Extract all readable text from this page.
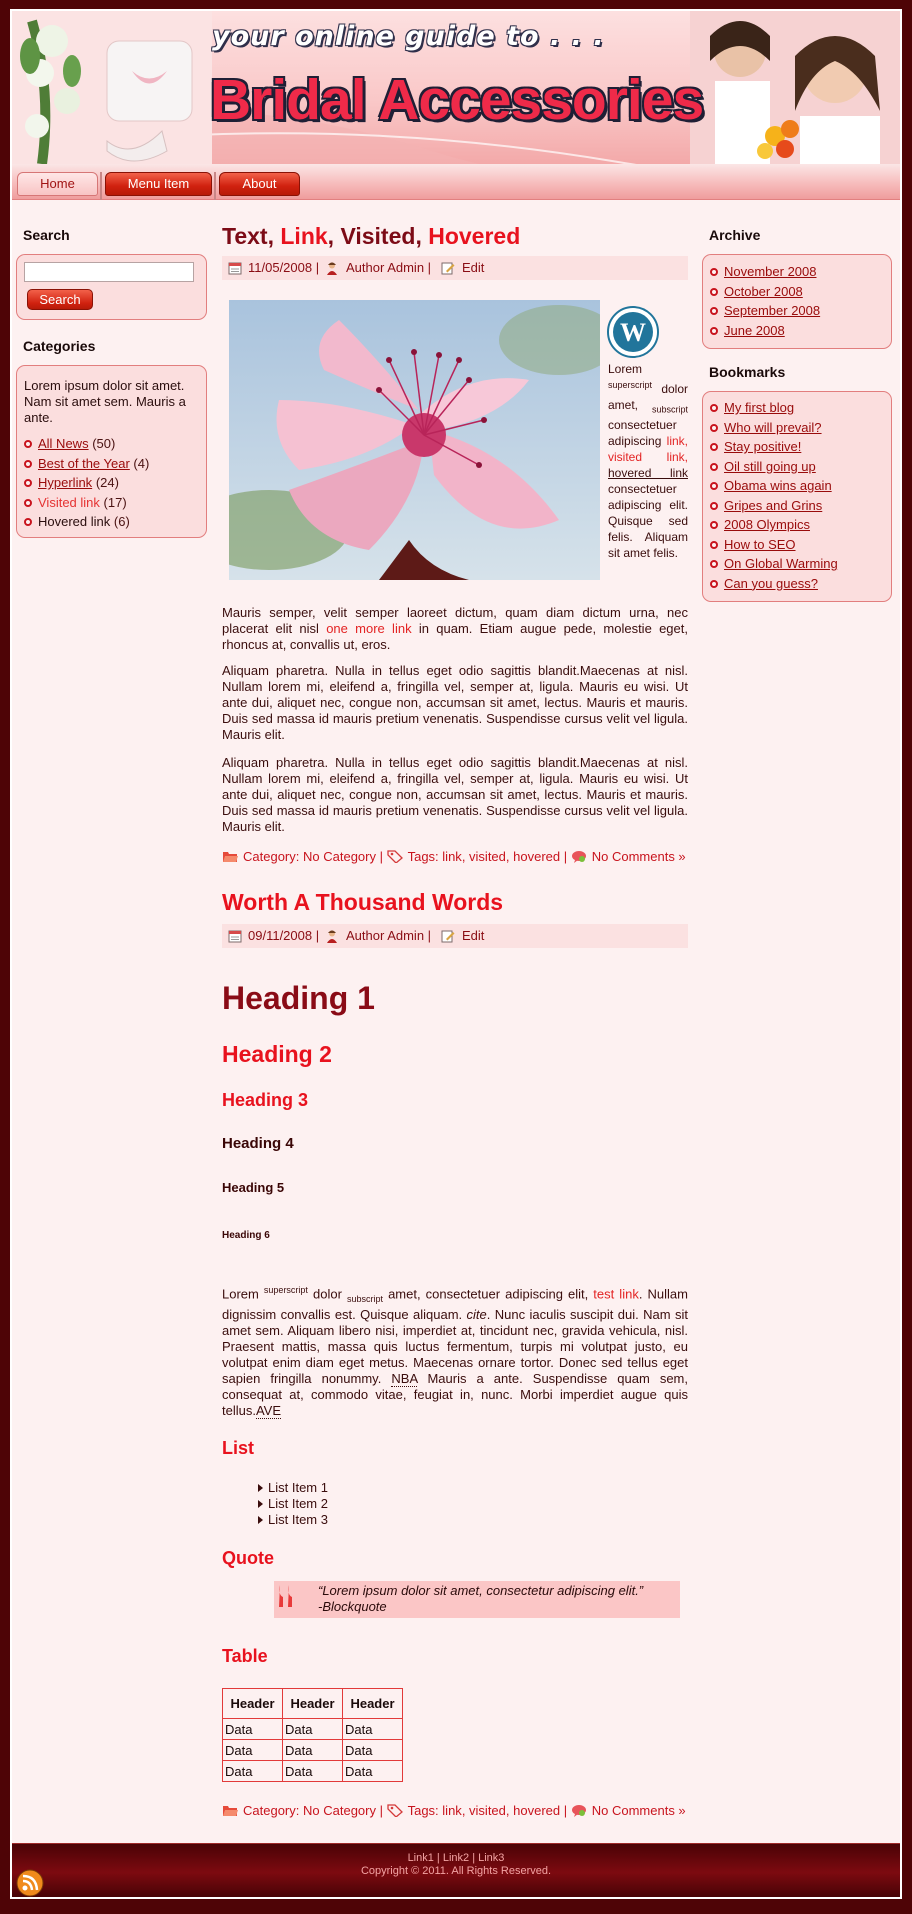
your online guide to . . .
Bridal Accessories
Home	Menu Item	About
Search
Search
Categories

Lorem ipsum dolor sit amet. Nam sit amet sem. Mauris a ante.

All News (50)
Best of the Year (4)
Hyperlink (24)
Visited link (17)
Hovered link (6)
Archive
November 2008
October 2008
September 2008
June 2008
Bookmarks
My first blog
Who will prevail?
Stay positive!
Oil still going up
Obama wins again
Gripes and Grins
2008 Olympics
How to SEO
On Global Warming
Can you guess?
Text, Link, Visited, Hovered
11/05/2008 | Author Admin | Edit
W
Lorem $^{superscript}$ dolor amet, $_{subscript}$ consectetuer adipiscing link, visited link, hovered link consectetuer adipiscing elit. Quisque sed felis. Aliquam sit amet felis.
Mauris semper, velit semper laoreet dictum, quam diam dictum urna, nec placerat elit nisl one more link in quam. Etiam augue pede, molestie eget, rhoncus at, convallis ut, eros.
Aliquam pharetra. Nulla in tellus eget odio sagittis blandit.Maecenas at nisl. Nullam lorem mi, eleifend a, fringilla vel, semper at, ligula. Mauris eu wisi. Ut ante dui, aliquet nec, congue non, accumsan sit amet, lectus. Mauris et mauris. Duis sed massa id mauris pretium venenatis. Suspendisse cursus velit vel ligula. Mauris elit.
Aliquam pharetra. Nulla in tellus eget odio sagittis blandit.Maecenas at nisl. Nullam lorem mi, eleifend a, fringilla vel, semper at, ligula. Mauris eu wisi. Ut ante dui, aliquet nec, congue non, accumsan sit amet, lectus. Mauris et mauris. Duis sed massa id mauris pretium venenatis. Suspendisse cursus velit vel ligula. Mauris elit.
Category: No Category | Tags: link, visited, hovered | No Comments »
Worth A Thousand Words
09/11/2008 | Author Admin | Edit
Heading 1
Heading 2
Heading 3
Heading 4
Heading 5
Heading 6
Lorem $^{superscript}$ dolor $_{subscript}$ amet, consectetuer adipiscing elit, test link. Nullam dignissim convallis est. Quisque aliquam. cite. Nunc iaculis suscipit dui. Nam sit amet sem. Aliquam libero nisi, imperdiet at, tincidunt nec, gravida vehicula, nisl. Praesent mattis, massa quis luctus fermentum, turpis mi volutpat justo, eu volutpat enim diam eget metus. Maecenas ornare tortor. Donec sed tellus eget sapien fringilla nonummy. NBA Mauris a ante. Suspendisse quam sem, consequat at, commodo vitae, feugiat in, nunc. Morbi imperdiet augue quis tellus.AVE
List
List Item 1
List Item 2
List Item 3
Quote
“Lorem ipsum dolor sit amet, consectetur adipiscing elit.”
-Blockquote
Table
Header	Header	Header
Data	Data	Data
Data	Data	Data
Data	Data	Data
Category: No Category | Tags: link, visited, hovered | No Comments »
Link1 | Link2 | Link3
Copyright © 2011. All Rights Reserved.
